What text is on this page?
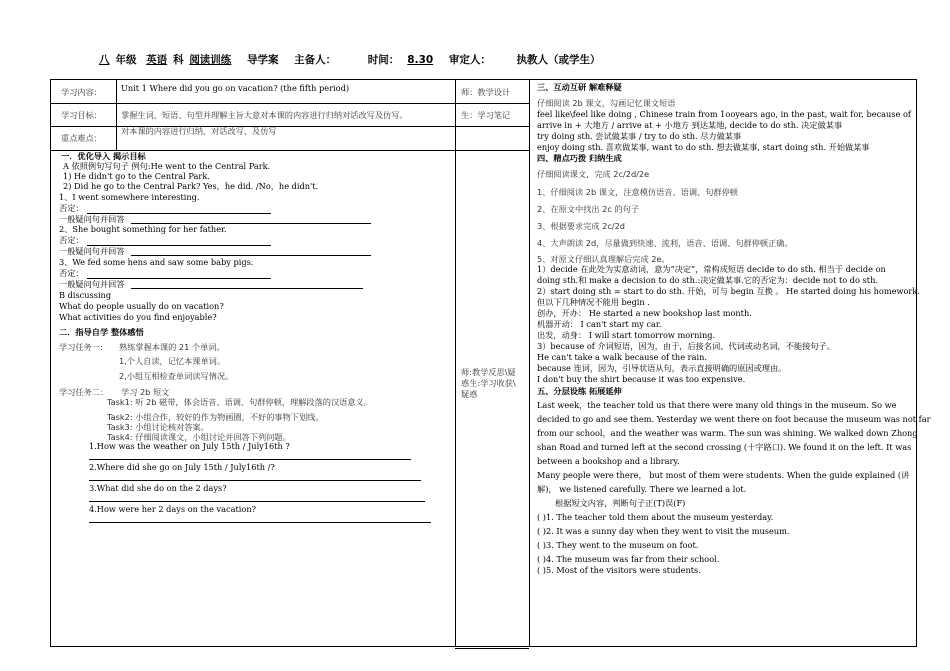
八 年级 英语 科 阅读训练 导学案 主备人：	时间： 8.30 审定人： 执教人（或学生）
学习内容： Unit 1 Where did you go on vacation? (the fifth period)
学习目标： 掌握生词、短语、句型并理解主旨大意对本课的内容进行归纳对话改写及仿写。
重点难点：
对本课的内容进行归纳、对话改写、及仿写
师：教学设计
生：学习笔记
师:教学反思\疑
惑生:学习收获\
疑惑
一．优化导入 揭示目标
A 依照例句写句子 例句:He went to the Central Park.
1) He didn't go to the Central Park.
2) Did he go to the Central Park? Yes，he did. /No，he didn't.
1、I went somewhere interesting.
否定：
一般疑问句并回答
2、She bought something for her father.
否定：
一般疑问句并回答
3、We fed some hens and saw some baby pigs.
否定：
一般疑问句并回答
B discussing
What do people usually do on vacation?
What activities do you find enjoyable?
二．指导自学 整体感悟
学习任务一: 熟练掌握本课的 21 个单词。
1,个人自读，记忆本课单词。
2,小组互相检查单词读写情况。
学习任务二： 学习 2b 短文
Task1: 听 2b 磁带，体会语音、语调、句群停顿，理解段落的汉语意义。
Task2: 小组合作，较好的作为物画圈，不好的事物下划线。
Task3: 小组讨论核对答案。
Task4: 仔细阅读课文，小组讨论并回答下列问题。
1.How was the weather on July 15th / July16th ?
2.Where did she go on July 15th / July16th /?
3.What did she do on the 2 days?
4.How were her 2 days on the vacation?
三、互动互研 解难释疑
仔细阅读 2b 课文，勾画记忆课文短语
feel like\feel like doing , Chinese train from 1ooyears ago, in the past, wait for, because of
arrive in + 大地方 / arrive at + 小地方 到达某地, decide to do sth. 决定做某事
try doing sth. 尝试做某事 / try to do sth. 尽力做某事
enjoy doing sth. 喜欢做某事, want to do sth. 想去做某事, start doing sth. 开始做某事
四、精点巧拨 归纳生成
仔细阅读课文，完成 2c/2d/2e
1、仔细阅读 2b 课文，注意模仿语音、语调、句群停顿
2、在原文中找出 2c 的句子
3、根据要求完成 2c/2d
4、大声朗读 2d，尽量做到快速、流利，语音、语调、句群停顿正确。
5、对原文仔细认真理解后完成 2e。
1）decide 在此处为实意动词，意为“决定”，常构成短语 decide to do sth. 相当于 decide on
doing sth.和 make a decision to do sth.:决定做某事.它的否定为：decide not to do sth.
2）start doing sth = start to do sth. 开始，可与 begin 互换 。 He started doing his homework.
但以下几种情况不能用 begin .
创办，开办： He started a new bookshop last month.
机器开动： I can't start my car.
出发，动身： I will start tomorrow morning.
3）because of 介词短语，因为，由于，后接名词、代词或动名词，不能接句子。
He can't take a walk because of the rain.
because 连词，因为，引导状语从句，表示直接明确的原因或理由。
I don't buy the shirt because it was too expensive.
五、分层设练 拓展延伸
Last week，the teacher told us that there were many old things in the museum. So we
decided to go and see them. Yesterday we went there on foot because the museum was not far
from our school，and the weather was warm. The sun was shining. We walked down Zhong
shan Road and turned left at the second crossing (十字路口). We found it on the left. It was
between a bookshop and a library.
Many people were there， but most of them were students. When the guide explained (讲
解)， we listened carefully. There we learned a lot.
根据短文内容，判断句子正(T)误(F)
( )1. The teacher told them about the museum yesterday.
( )2. It was a sunny day when they went to visit the museum.
( )3. They went to the museum on foot.
( )4. The museum was far from their school.
( )5. Most of the visitors were students.
